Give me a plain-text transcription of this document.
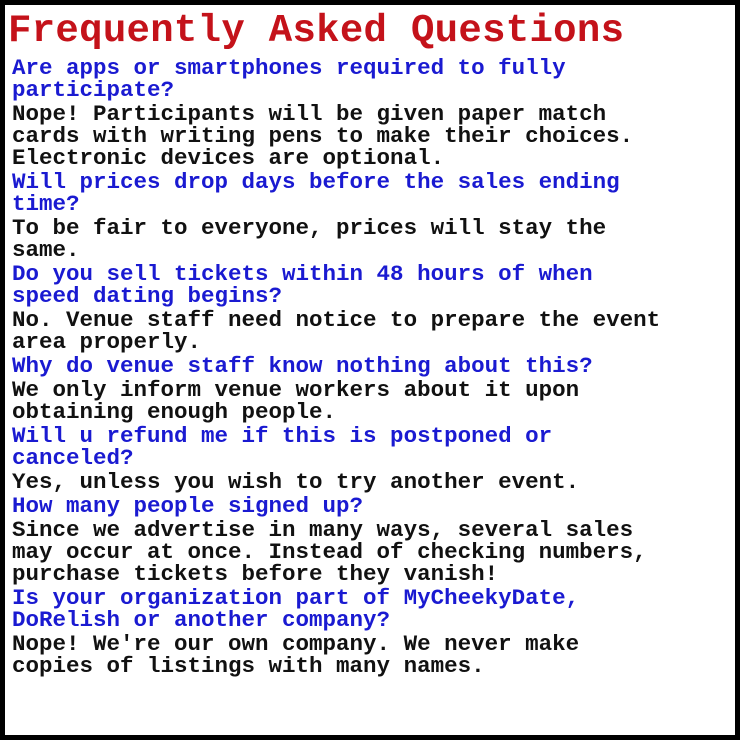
Frequently Asked Questions

Are apps or smartphones required to fully
participate?

Nope! Participants will be given paper match
cards with writing pens to make their choices.
Electronic devices are optional.

Will prices drop days before the sales ending
time?

To be fair to everyone, prices will stay the
same.

Do you sell tickets within 48 hours of when
speed dating begins?

No. Venue staff need notice to prepare the event
area properly.

Why do venue staff know nothing about this?

We only inform venue workers about it upon
obtaining enough people.

Will u refund me if this is postponed or
canceled?

Yes, unless you wish to try another event.

How many people signed up?

Since we advertise in many ways, several sales
may occur at once. Instead of checking numbers,
purchase tickets before they vanish!

Is your organization part of MyCheekyDate,
DoRelish or another company?

Nope! We're our own company. We never make
copies of listings with many names.
